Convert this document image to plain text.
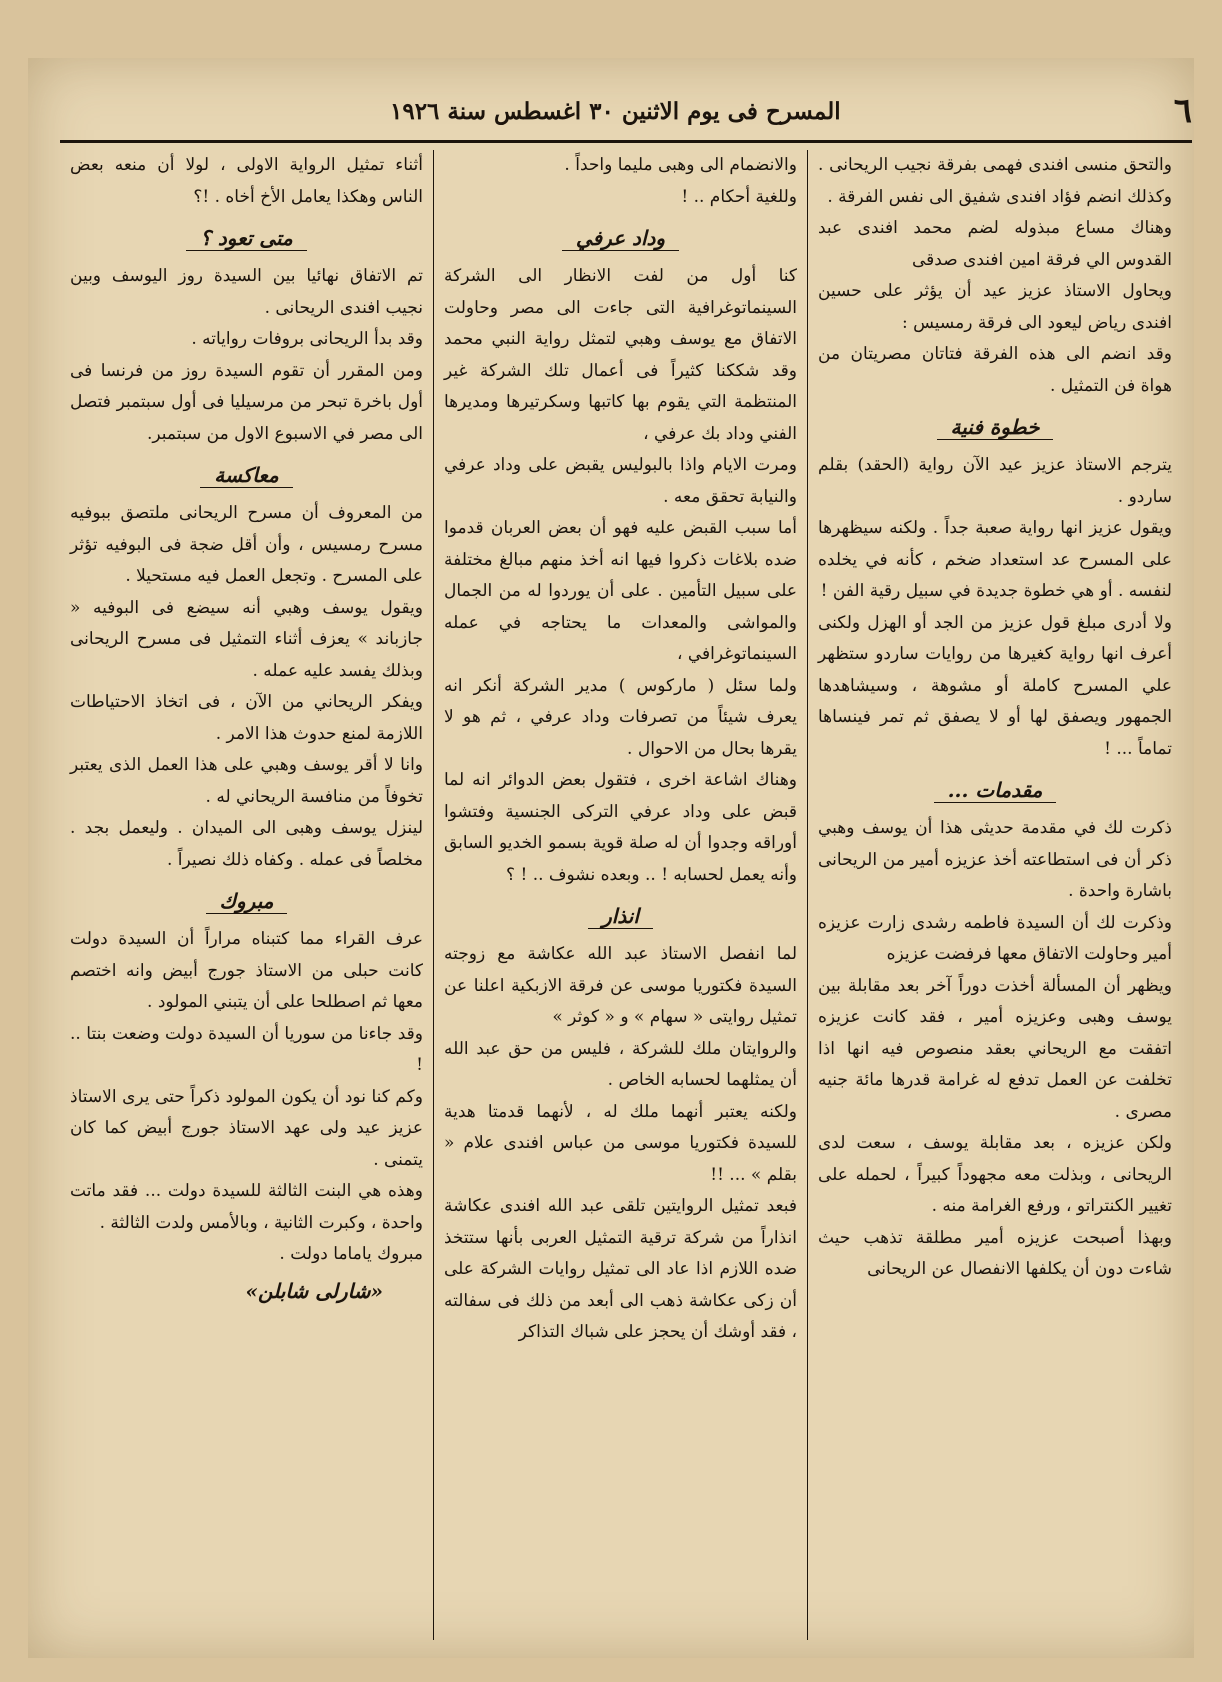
٦
المسرح فی یوم الاثنین ۳۰ اغسطس سنة ۱۹۲٦

والتحق منسى افندى فهمى بفرقة نجيب الريحانى . وكذلك انضم فؤاد افندى شفيق الى نفس الفرقة .

وهناك مساع مبذوله لضم محمد افندى عبد القدوس الي فرقة امين افندى صدقى

ويحاول الاستاذ عزيز عيد أن يؤثر على حسين افندى رياض ليعود الى فرقة رمسيس :

وقد انضم الى هذه الفرقة فتاتان مصريتان من هواة فن التمثيل .

خطوة فنية

يترجم الاستاذ عزيز عيد الآن رواية (الحقد) بقلم ساردو .

ويقول عزيز انها رواية صعبة جداً . ولكنه سيظهرها على المسرح عد استعداد ضخم ، كأنه في يخلده لنفسه . أو هي خطوة جديدة في سبيل رقية الفن !

ولا أدرى مبلغ قول عزيز من الجد أو الهزل ولكنى أعرف انها رواية كغيرها من روايات ساردو ستظهر علي المسرح كاملة أو مشوهة ، وسيشاهدها الجمهور ويصفق لها أو لا يصفق ثم تمر فينساها تماماً ... !

مقدمات ...

ذكرت لك في مقدمة حديثى هذا أن يوسف وهبي ذكر أن فى استطاعته أخذ عزيزه أمير من الريحانى باشارة واحدة .

وذكرت لك أن السيدة فاطمه رشدى زارت عزيزه أمير وحاولت الاتفاق معها فرفضت عزيزه

ويظهر أن المسألة أخذت دوراً آخر بعد مقابلة بين يوسف وهبى وعزيزه أمير ، فقد كانت عزيزه اتفقت مع الريحاني بعقد منصوص فيه انها اذا تخلفت عن العمل تدفع له غرامة قدرها مائة جنيه مصرى .

ولكن عزيزه ، بعد مقابلة يوسف ، سعت لدى الريحانى ، وبذلت معه مجهوداً كبيراً ، لحمله على تغيير الكنتراتو ، ورفع الغرامة منه .

وبهذا أصبحت عزيزه أمير مطلقة تذهب حيث شاءت دون أن يكلفها الانفصال عن الريحانى

والانضمام الى وهبى مليما واحداً .

وللغية أحكام .. !

وداد عرفي

كنا أول من لفت الانظار الى الشركة السينماتوغرافية التى جاءت الى مصر وحاولت الاتفاق مع يوسف وهبي لتمثل رواية النبي محمد وقد شككنا كثيراً فى أعمال تلك الشركة غير المنتظمة التي يقوم بها كاتبها وسكرتيرها ومديرها الفني وداد بك عرفي ،

ومرت الايام واذا بالبوليس يقبض على وداد عرفي والنيابة تحقق معه .

أما سبب القبض عليه فهو أن بعض العربان قدموا ضده بلاغات ذكروا فيها انه أخذ منهم مبالغ مختلفة على سبيل التأمين . على أن يوردوا له من الجمال والمواشى والمعدات ما يحتاجه في عمله السينماتوغرافي ،

ولما سئل ( ماركوس ) مدير الشركة أنكر انه يعرف شيئاً من تصرفات وداد عرفي ، ثم هو لا يقرها بحال من الاحوال .

وهناك اشاعة اخرى ، فتقول بعض الدوائر انه لما قبض على وداد عرفي التركى الجنسية وفتشوا أوراقه وجدوا أن له صلة قوية بسمو الخديو السابق وأنه يعمل لحسابه ! .. وبعده نشوف .. ! ؟

انذار

لما انفصل الاستاذ عبد الله عكاشة مع زوجته السيدة فكتوريا موسى عن فرقة الازبكية اعلنا عن تمثيل روايتى « سهام » و « كوثر »

والروايتان ملك للشركة ، فليس من حق عبد الله أن يمثلهما لحسابه الخاص .

ولكنه يعتبر أنهما ملك له ، لأنهما قدمتا هدية للسيدة فكتوريا موسى من عباس افندى علام « بقلم » ... !!

فبعد تمثيل الروايتين تلقى عبد الله افندى عكاشة انذاراً من شركة ترقية التمثيل العربى بأنها ستتخذ ضده اللازم اذا عاد الى تمثيل روايات الشركة على أن زكى عكاشة ذهب الى أبعد من ذلك فى سفالته ، فقد أوشك أن يحجز على شباك التذاكر

أثناء تمثيل الرواية الاولى ، لولا أن منعه بعض الناس وهكذا يعامل الأخ أخاه . !؟

متى تعود ؟

تم الاتفاق نهائيا بين السيدة روز اليوسف وبين نجيب افندى الريحانى .

وقد بدأ الريحانى بروفات رواياته .

ومن المقرر أن تقوم السيدة روز من فرنسا فى أول باخرة تبحر من مرسيليا فى أول سبتمبر فتصل الى مصر في الاسبوع الاول من سبتمبر.

معاكسة

من المعروف أن مسرح الريحانى ملتصق ببوفيه مسرح رمسيس ، وأن أقل ضجة فى البوفيه تؤثر على المسرح . وتجعل العمل فيه مستحيلا .

ويقول يوسف وهبي أنه سيضع فى البوفيه « جازباند » يعزف أثناء التمثيل فى مسرح الريحانى وبذلك يفسد عليه عمله .

ويفكر الريحاني من الآن ، فى اتخاذ الاحتياطات اللازمة لمنع حدوث هذا الامر .

وانا لا أقر يوسف وهبي على هذا العمل الذى يعتبر تخوفاً من منافسة الريحاني له .

لينزل يوسف وهبى الى الميدان . وليعمل بجد . مخلصاً فى عمله . وكفاه ذلك نصيراً .

مبروك

عرف القراء مما كتبناه مراراً أن السيدة دولت كانت حبلى من الاستاذ جورج أبيض وانه اختصم معها ثم اصطلحا على أن يتبني المولود .

وقد جاءنا من سوريا أن السيدة دولت وضعت بنتا .. !

وكم كنا نود أن يكون المولود ذكراً حتى يرى الاستاذ عزيز عيد ولى عهد الاستاذ جورج أبيض كما كان يتمنى .

وهذه هي البنت الثالثة للسيدة دولت ... فقد ماتت واحدة ، وكبرت الثانية ، وبالأمس ولدت الثالثة .

مبروك ياماما دولت .

«شارلى شابلن»
